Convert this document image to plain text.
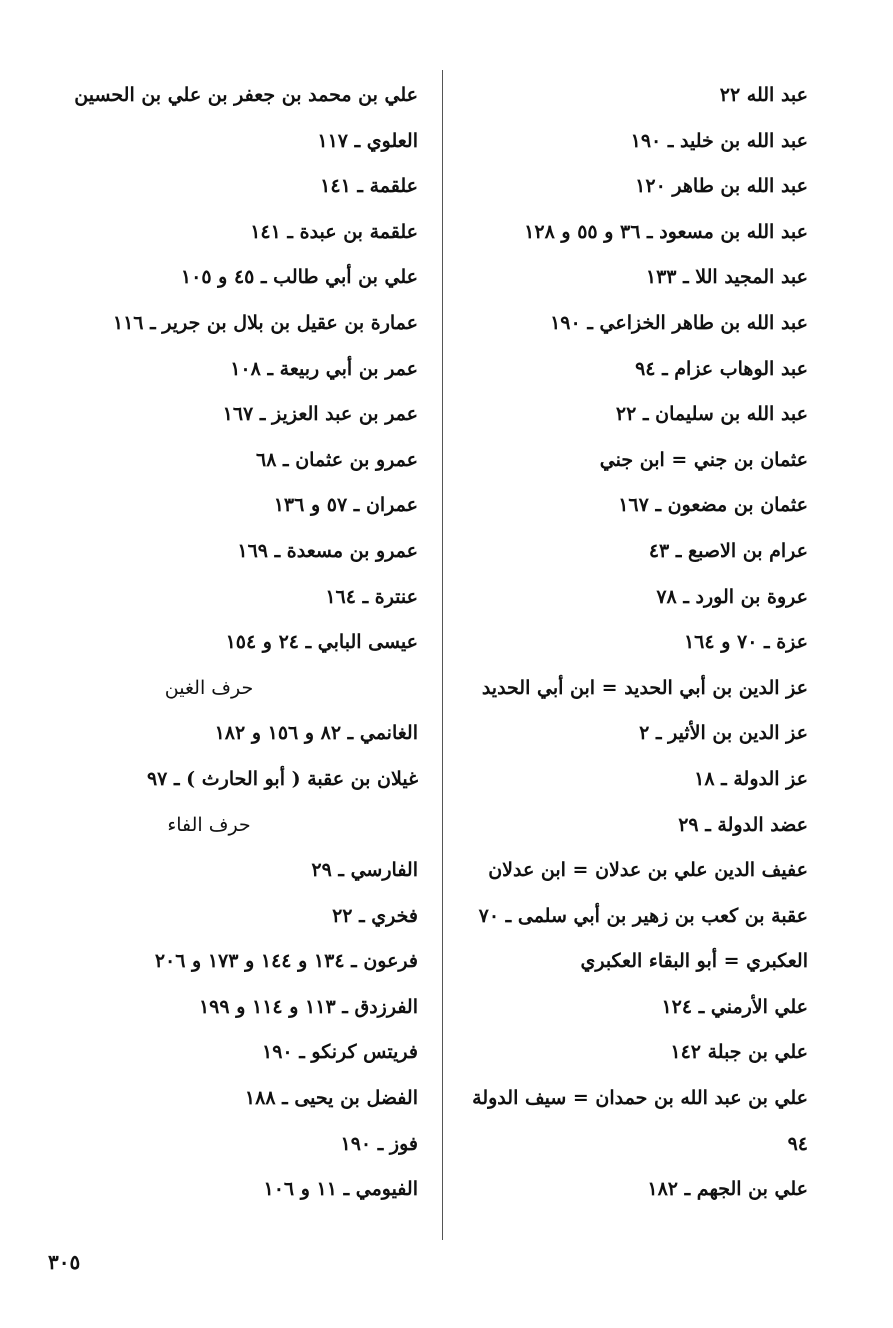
عبد الله ٢٢
عبد الله بن خليد ـ ١٩٠
عبد الله بن طاهر ١٢٠
عبد الله بن مسعود ـ ٣٦ و ٥٥ و ١٢٨
عبد المجيد اللا ـ ١٣٣
عبد الله بن طاهر الخزاعي ـ ١٩٠
عبد الوهاب عزام ـ ٩٤
عبد الله بن سليمان ـ ٢٢
عثمان بن جني = ابن جني
عثمان بن مضعون ـ ١٦٧
عرام بن الاصبع ـ ٤٣
عروة بن الورد ـ ٧٨
عزة ـ ٧٠ و ١٦٤
عز الدين بن أبي الحديد = ابن أبي الحديد
عز الدين بن الأثير ـ ٢
عز الدولة ـ ١٨
عضد الدولة ـ ٢٩
عفيف الدين علي بن عدلان = ابن عدلان
عقبة بن كعب بن زهير بن أبي سلمى ـ ٧٠
العكبري = أبو البقاء العكبري
علي الأرمني ـ ١٢٤
علي بن جبلة ١٤٢
علي بن عبد الله بن حمدان = سيف الدولة
٩٤
علي بن الجهم ـ ١٨٢
علي بن محمد بن جعفر بن علي بن الحسين
العلوي ـ ١١٧
علقمة ـ ١٤١
علقمة بن عبدة ـ ١٤١
علي بن أبي طالب ـ ٤٥ و ١٠٥
عمارة بن عقيل بن بلال بن جرير ـ ١١٦
عمر بن أبي ربيعة ـ ١٠٨
عمر بن عبد العزيز ـ ١٦٧
عمرو بن عثمان ـ ٦٨
عمران ـ ٥٧ و ١٣٦
عمرو بن مسعدة ـ ١٦٩
عنترة ـ ١٦٤
عيسى البابي ـ ٢٤ و ١٥٤
حرف الغين
الغانمي ـ ٨٢ و ١٥٦ و ١٨٢
غيلان بن عقبة ( أبو الحارث ) ـ ٩٧
حرف الفاء
الفارسي ـ ٢٩
فخري ـ ٢٢
فرعون ـ ١٣٤ و ١٤٤ و ١٧٣ و ٢٠٦
الفرزدق ـ ١١٣ و ١١٤ و ١٩٩
فريتس كرنكو ـ ١٩٠
الفضل بن يحيى ـ ١٨٨
فوز ـ ١٩٠
الفيومي ـ ١١ و ١٠٦
٣٠٥
